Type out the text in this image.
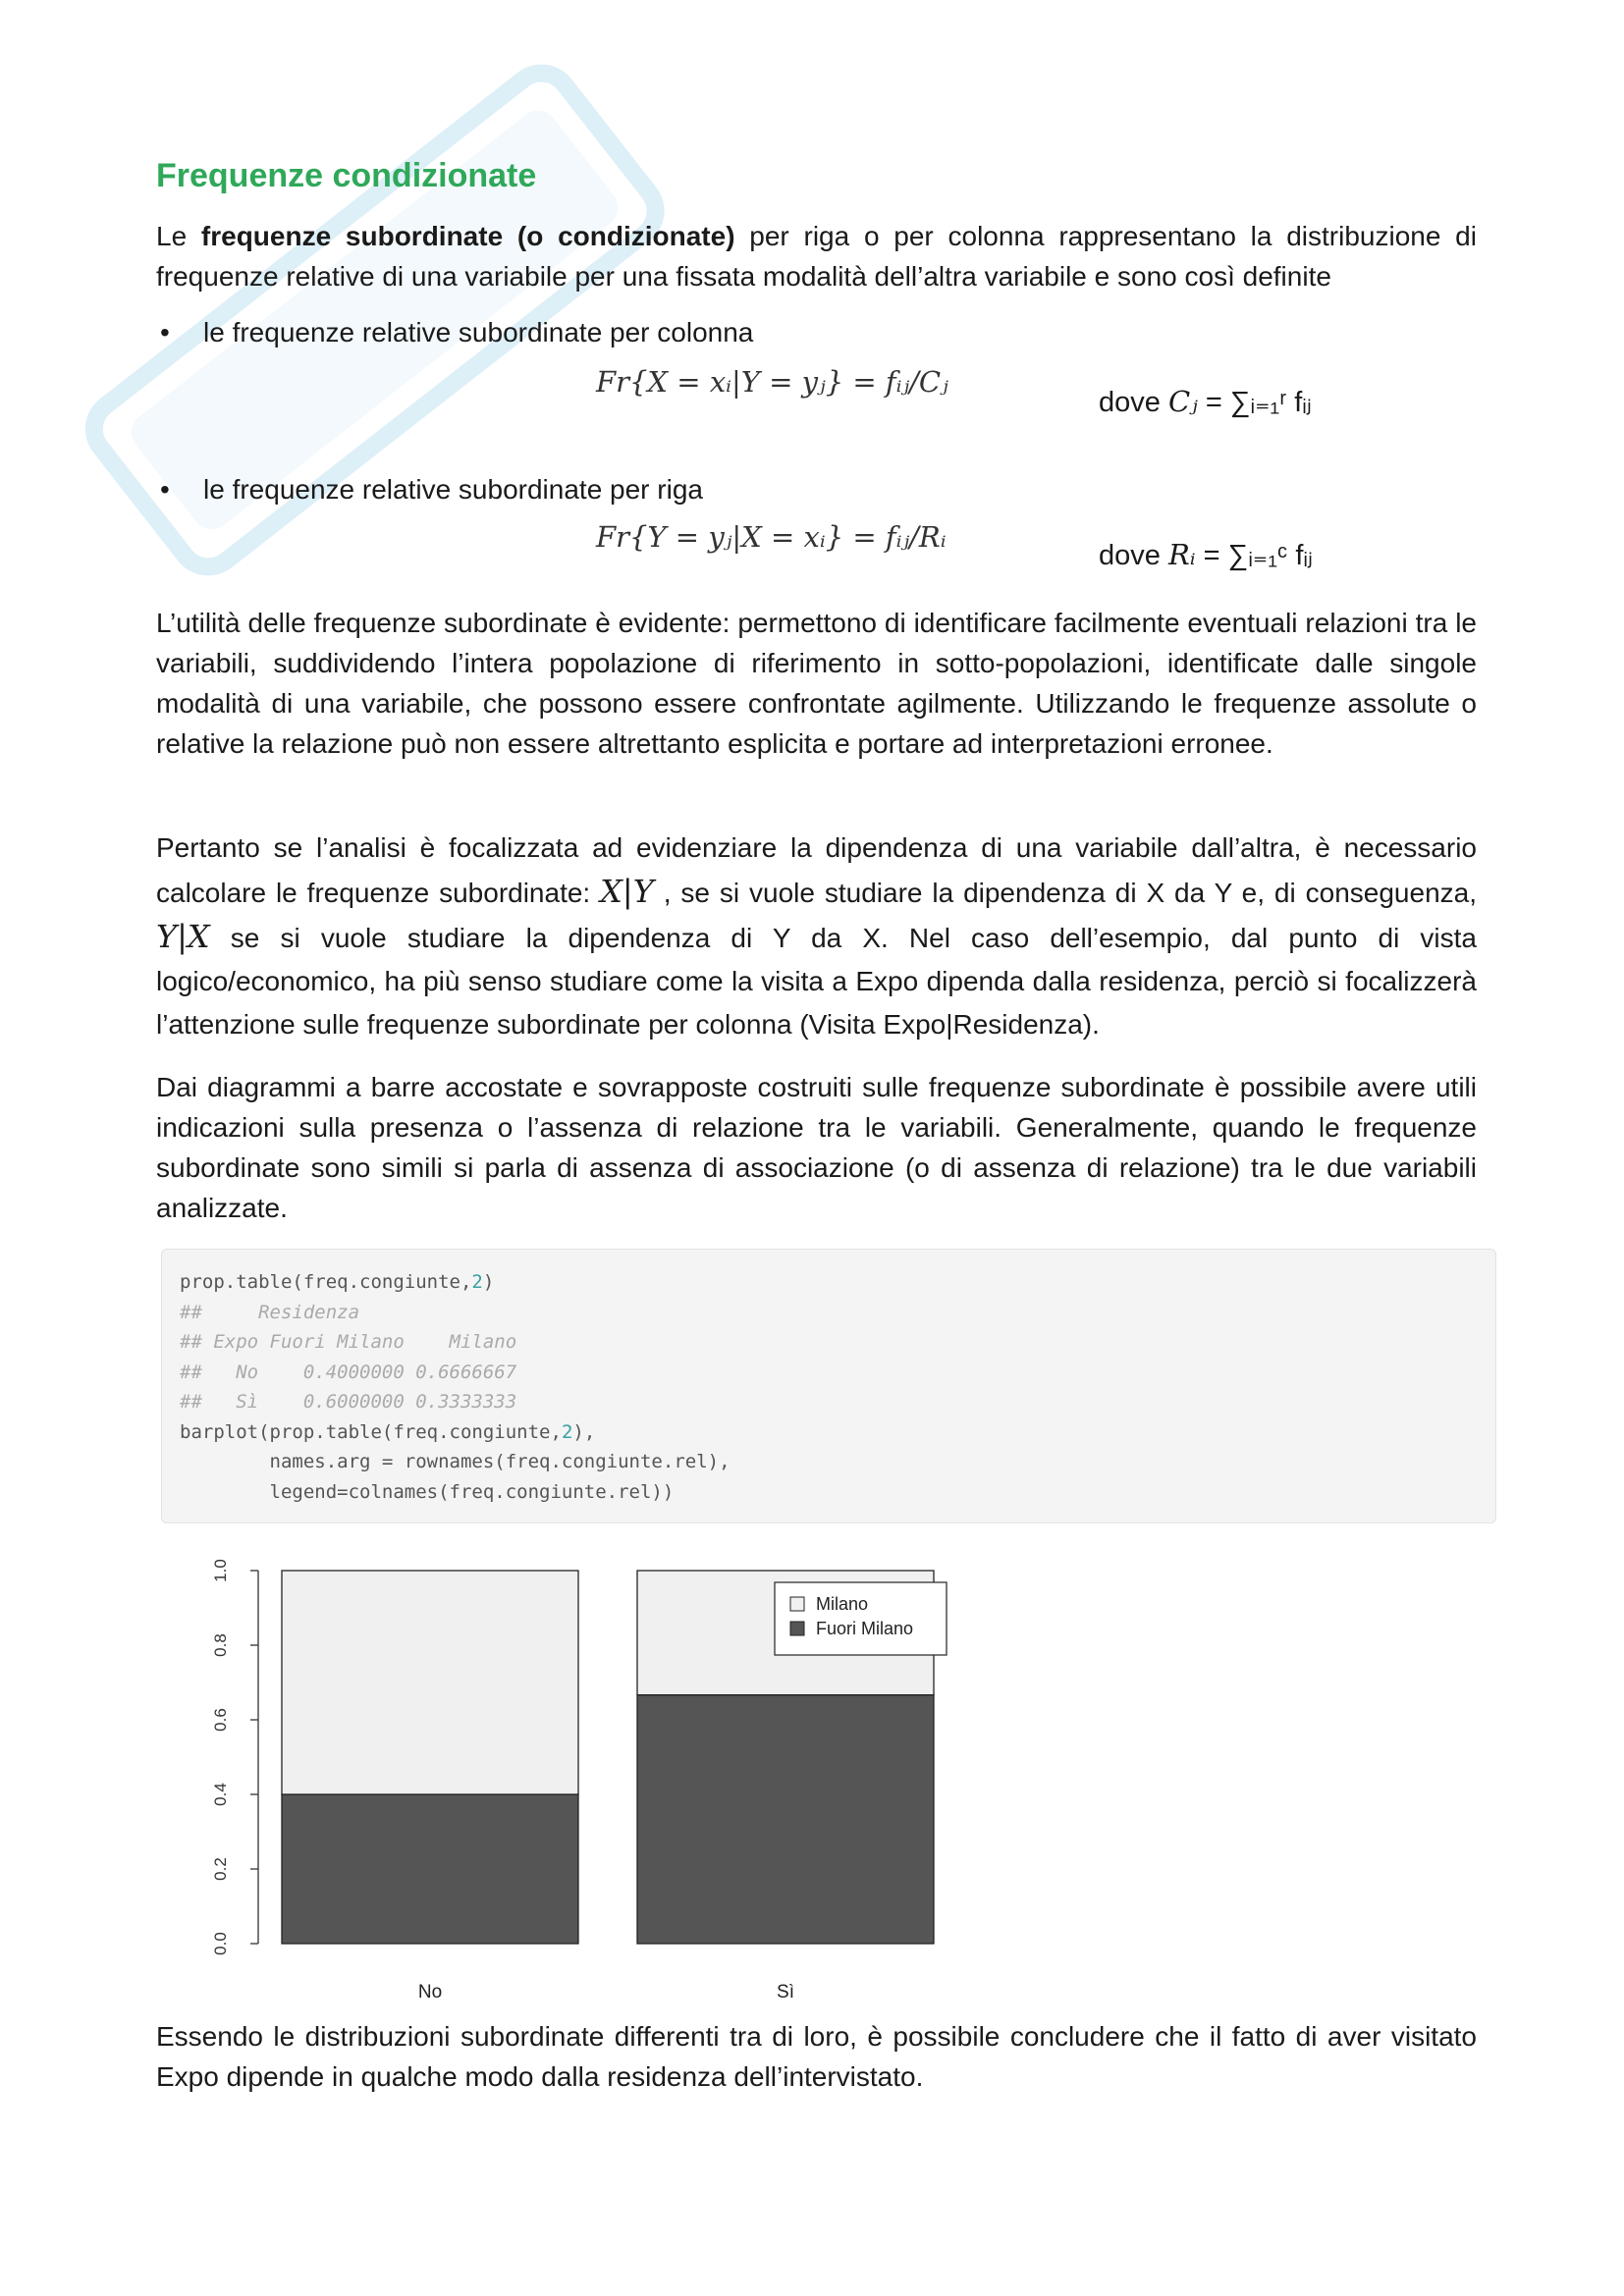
Frequenze condizionate

Le frequenze subordinate (o condizionate) per riga o per colonna rappresentano la distribuzione di frequenze relative di una variabile per una fissata modalità dell’altra variabile e sono così definite

• le frequenze relative subordinate per colonna
Fr{X = xᵢ|Y = yⱼ} = fᵢⱼ/Cⱼ
dove Cⱼ = ∑ᵢ₌₁ʳ fᵢⱼ
• le frequenze relative subordinate per riga
Fr{Y = yⱼ|X = xᵢ} = fᵢⱼ/Rᵢ
dove Rᵢ = ∑ᵢ₌₁ᶜ fᵢⱼ

L’utilità delle frequenze subordinate è evidente: permettono di identificare facilmente eventuali relazioni tra le variabili, suddividendo l’intera popolazione di riferimento in sotto-popolazioni, identificate dalle singole modalità di una variabile, che possono essere confrontate agilmente. Utilizzando le frequenze assolute o relative la relazione può non essere altrettanto esplicita e portare ad interpretazioni erronee.

Pertanto se l’analisi è focalizzata ad evidenziare la dipendenza di una variabile dall’altra, è necessario calcolare le frequenze subordinate: X|Y , se si vuole studiare la dipendenza di X da Y e, di conseguenza, Y|X se si vuole studiare la dipendenza di Y da X. Nel caso dell’esempio, dal punto di vista logico/economico, ha più senso studiare come la visita a Expo dipenda dalla residenza, perciò si focalizzerà l’attenzione sulle frequenze subordinate per colonna (Visita Expo|Residenza).

Dai diagrammi a barre accostate e sovrapposte costruiti sulle frequenze subordinate è possibile avere utili indicazioni sulla presenza o l’assenza di relazione tra le variabili. Generalmente, quando le frequenze subordinate sono simili si parla di assenza di associazione (o di assenza di relazione) tra le due variabili analizzate.

prop.table(freq.congiunte,2)
##     Residenza
## Expo Fuori Milano    Milano
##   No    0.4000000 0.6666667
##   Sì    0.6000000 0.3333333
barplot(prop.table(freq.congiunte,2),
names.arg = rownames(freq.congiunte.rel),
legend=colnames(freq.congiunte.rel))
0.0
0.2
0.4
0.6
0.8
1.0
No	Sì
Milano
Fuori Milano

Essendo le distribuzioni subordinate differenti tra di loro, è possibile concludere che il fatto di aver visitato Expo dipende in qualche modo dalla residenza dell’intervistato.
